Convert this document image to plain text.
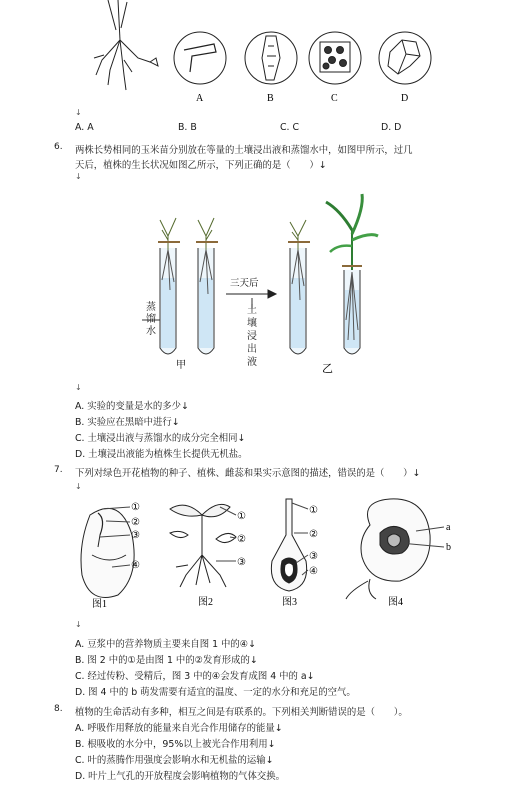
A	B	C	D
↓
A. A	B. B	C. C	D. D
6. 两株长势相同的玉米苗分别放在等量的土壤浸出液和蒸馏水中，如图甲所示，过几
天后，植株的生长状况如图乙所示，下列正确的是（　　）↓
↓
甲
三天后
乙
蒸馏水
土壤浸出液
↓
A. 实验的变量是水的多少↓
B. 实验应在黑暗中进行↓
C. 土壤浸出液与蒸馏水的成分完全相同↓
D. 土壤浸出液能为植株生长提供无机盐。
7. 下列对绿色开花植物的种子、植株、雌蕊和果实示意图的描述，错误的是（　　）↓
↓
①
②
③
④
图1
①
②
③
图2
①
②
③
④
图3
a
b
图4
↓
A. 豆浆中的营养物质主要来自图 1 中的④↓
B. 图 2 中的①是由图 1 中的②发育形成的↓
C. 经过传粉、受精后，图 3 中的④会发育成图 4 中的 a↓
D. 图 4 中的 b 萌发需要有适宜的温度、一定的水分和充足的空气。
8. 植物的生命活动有多种，相互之间是有联系的。下列相关判断错误的是（　　）。
A. 呼吸作用释放的能量来自光合作用储存的能量↓
B. 根吸收的水分中，95%以上被光合作用利用↓
C. 叶的蒸腾作用强度会影响水和无机盐的运输↓
D. 叶片上气孔的开放程度会影响植物的气体交换。
